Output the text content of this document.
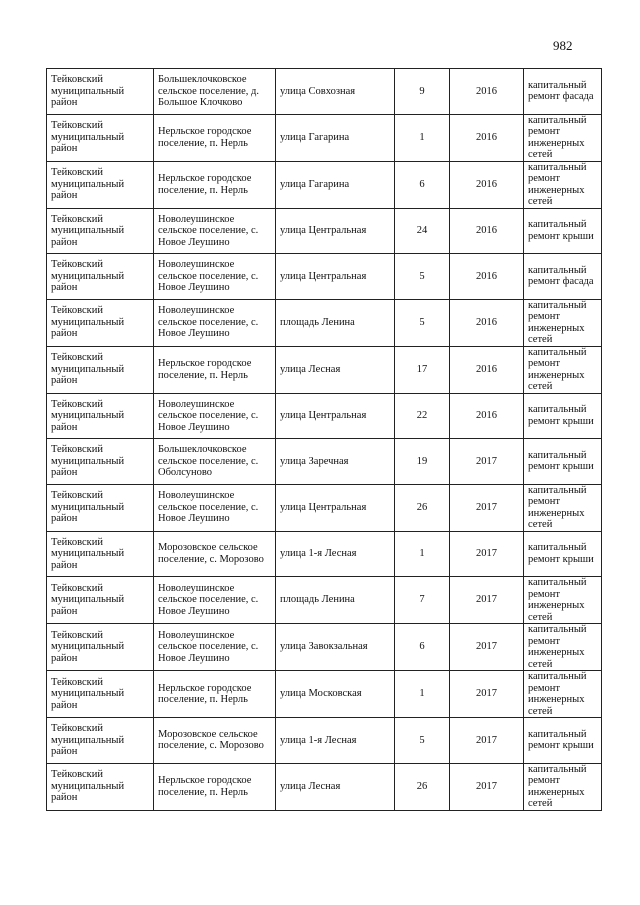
982
Тейковский муниципальный район	Большеклочковское сельское поселение, д. Большое Клочково	улица Совхозная	9	2016	капитальный ремонт фасада
Тейковский муниципальный район	Нерльское городское поселение, п. Нерль	улица Гагарина	1	2016	капитальный ремонт инженерных сетей
Тейковский муниципальный район	Нерльское городское поселение, п. Нерль	улица Гагарина	6	2016	капитальный ремонт инженерных сетей
Тейковский муниципальный район	Новолеушинское сельское поселение, с. Новое Леушино	улица Центральная	24	2016	капитальный ремонт крыши
Тейковский муниципальный район	Новолеушинское сельское поселение, с. Новое Леушино	улица Центральная	5	2016	капитальный ремонт фасада
Тейковский муниципальный район	Новолеушинское сельское поселение, с. Новое Леушино	площадь Ленина	5	2016	капитальный ремонт инженерных сетей
Тейковский муниципальный район	Нерльское городское поселение, п. Нерль	улица Лесная	17	2016	капитальный ремонт инженерных сетей
Тейковский муниципальный район	Новолеушинское сельское поселение, с. Новое Леушино	улица Центральная	22	2016	капитальный ремонт крыши
Тейковский муниципальный район	Большеклочковское сельское поселение, с. Оболсуново	улица Заречная	19	2017	капитальный ремонт крыши
Тейковский муниципальный район	Новолеушинское сельское поселение, с. Новое Леушино	улица Центральная	26	2017	капитальный ремонт инженерных сетей
Тейковский муниципальный район	Морозовское сельское поселение, с. Морозово	улица 1-я Лесная	1	2017	капитальный ремонт крыши
Тейковский муниципальный район	Новолеушинское сельское поселение, с. Новое Леушино	площадь Ленина	7	2017	капитальный ремонт инженерных сетей
Тейковский муниципальный район	Новолеушинское сельское поселение, с. Новое Леушино	улица Завокзальная	6	2017	капитальный ремонт инженерных сетей
Тейковский муниципальный район	Нерльское городское поселение, п. Нерль	улица Московская	1	2017	капитальный ремонт инженерных сетей
Тейковский муниципальный район	Морозовское сельское поселение, с. Морозово	улица 1-я Лесная	5	2017	капитальный ремонт крыши
Тейковский муниципальный район	Нерльское городское поселение, п. Нерль	улица Лесная	26	2017	капитальный ремонт инженерных сетей
